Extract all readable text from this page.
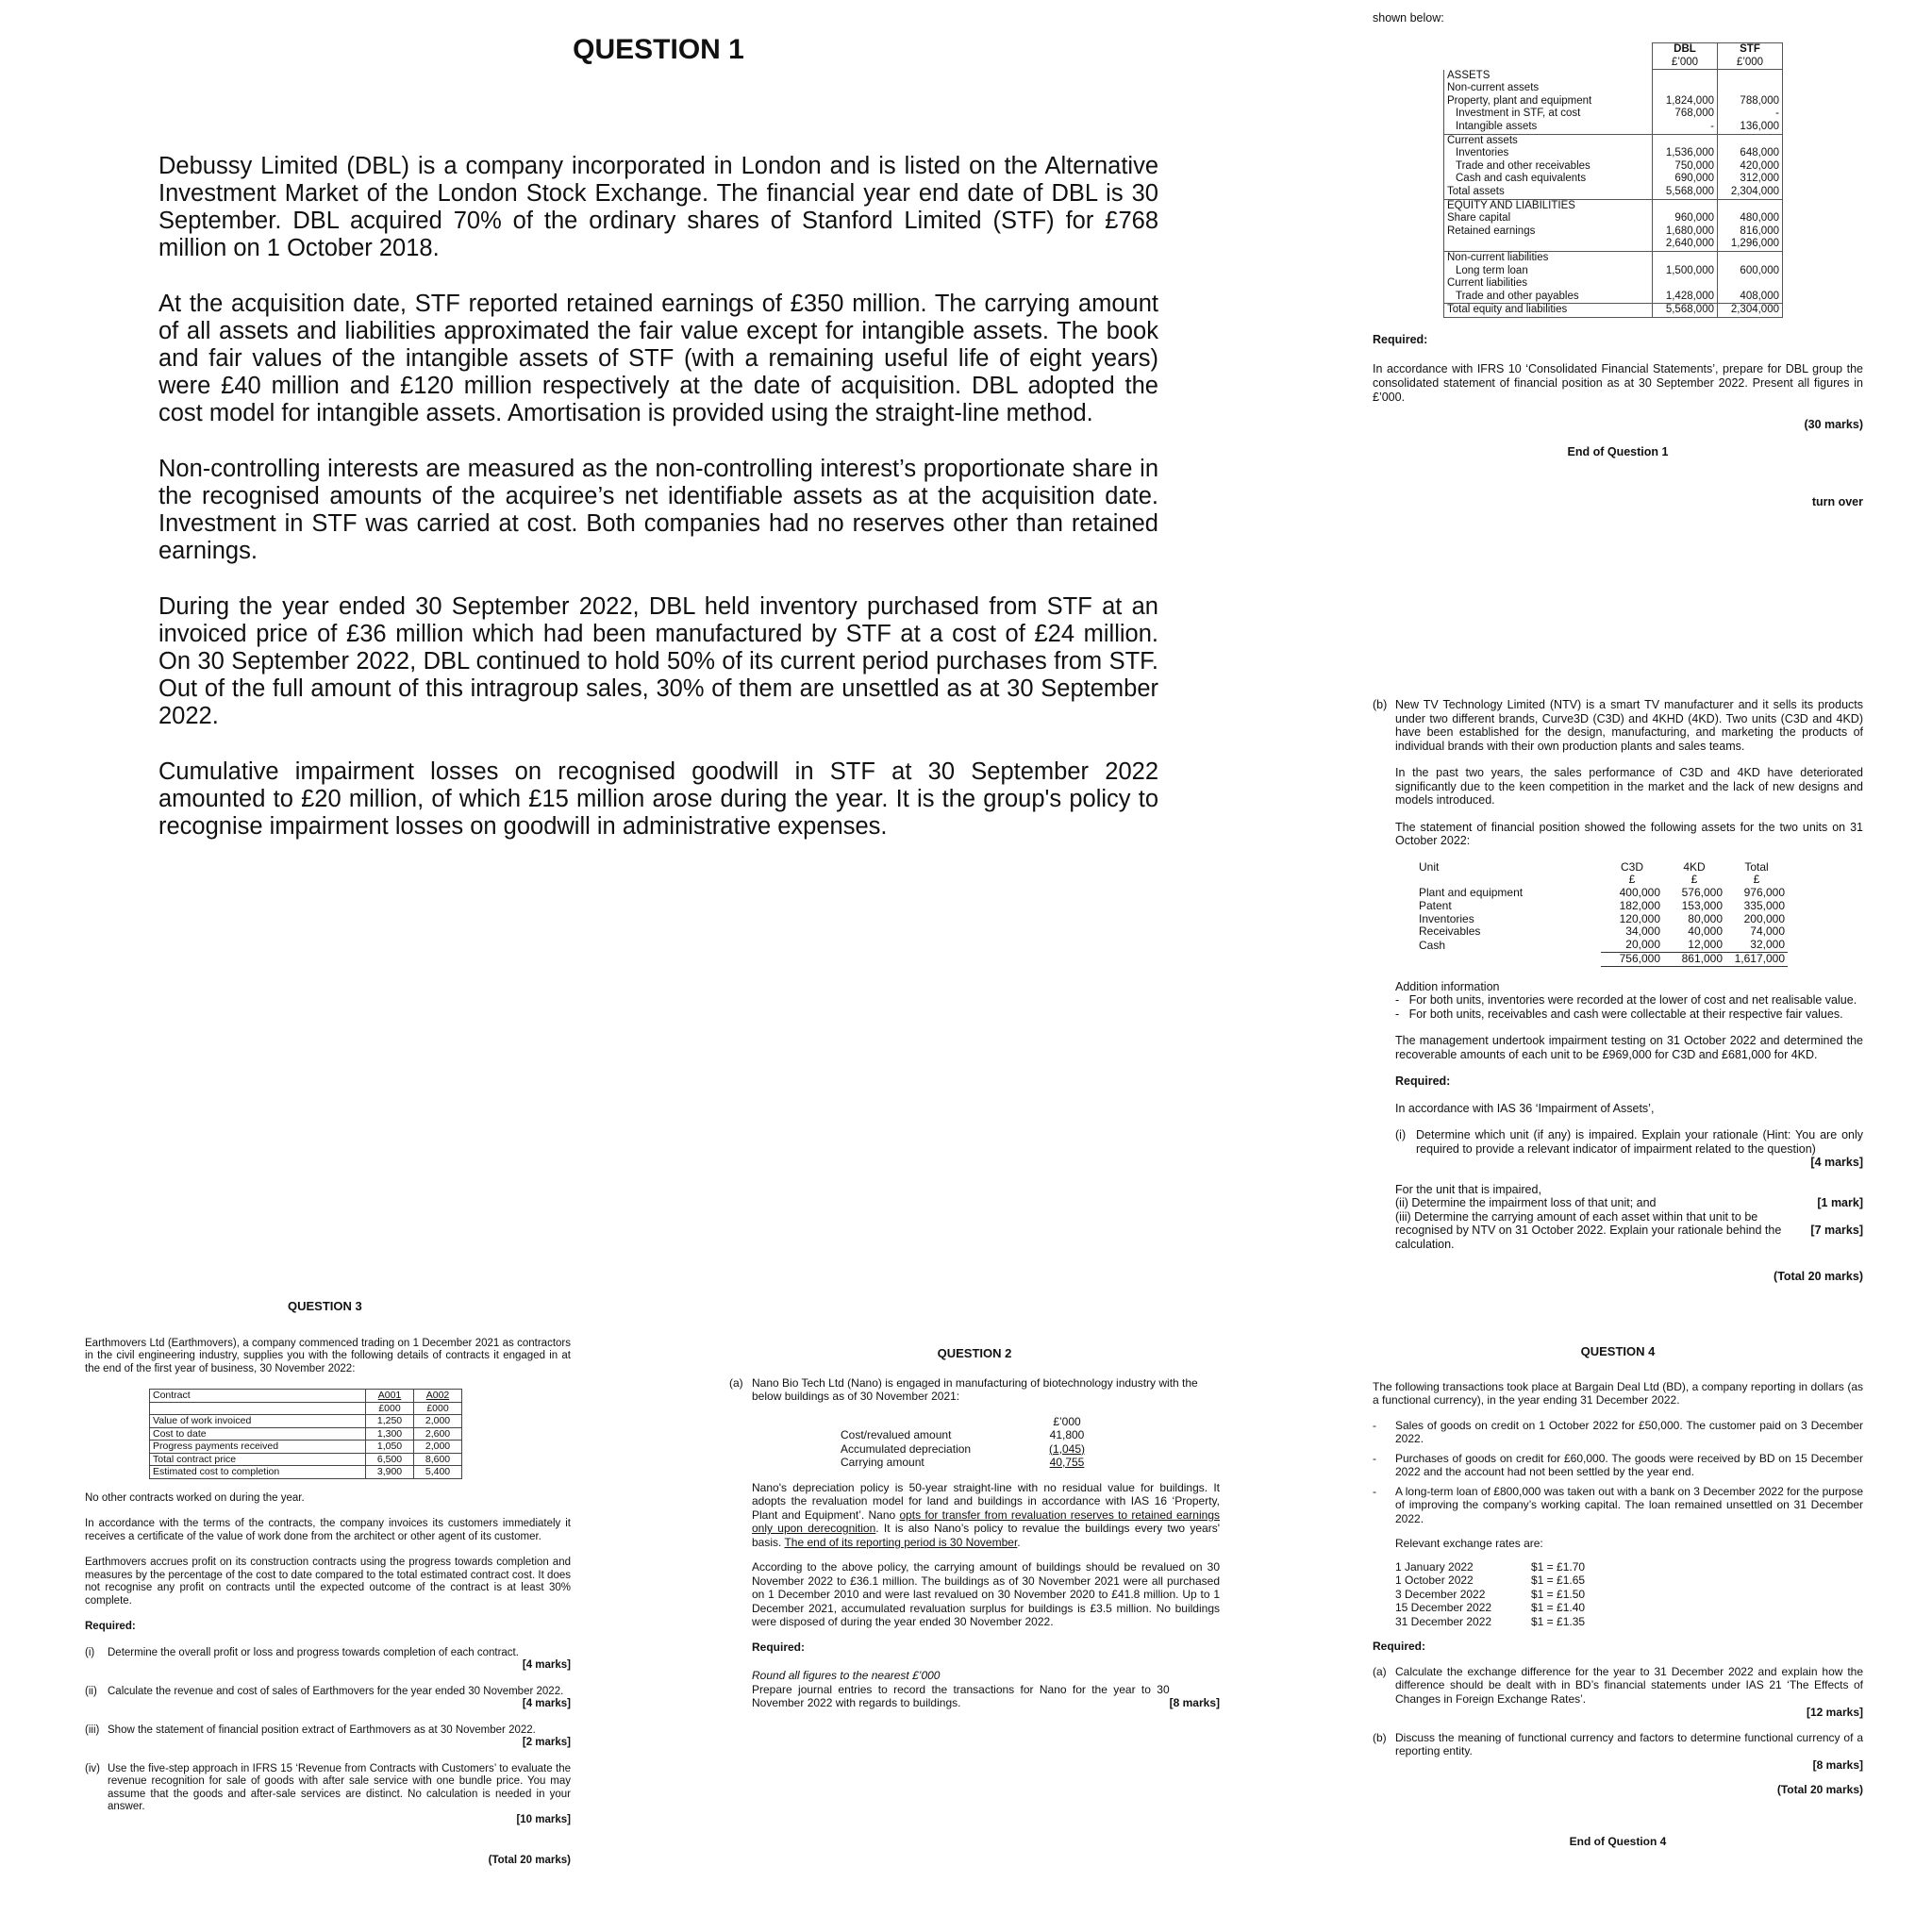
QUESTION 1

Debussy Limited (DBL) is a company incorporated in London and is listed on the Alternative Investment Market of the London Stock Exchange. The financial year end date of DBL is 30 September. DBL acquired 70% of the ordinary shares of Stanford Limited (STF) for £768 million on 1 October 2018.

At the acquisition date, STF reported retained earnings of £350 million. The carrying amount of all assets and liabilities approximated the fair value except for intangible assets. The book and fair values of the intangible assets of STF (with a remaining useful life of eight years) were £40 million and £120 million respectively at the date of acquisition. DBL adopted the cost model for intangible assets. Amortisation is provided using the straight-line method.

Non-controlling interests are measured as the non-controlling interest’s proportionate share in the recognised amounts of the acquiree’s net identifiable assets as at the acquisition date. Investment in STF was carried at cost. Both companies had no reserves other than retained earnings.

During the year ended 30 September 2022, DBL held inventory purchased from STF at an invoiced price of £36 million which had been manufactured by STF at a cost of £24 million. On 30 September 2022, DBL continued to hold 50% of its current period purchases from STF. Out of the full amount of this intragroup sales, 30% of them are unsettled as at 30 September 2022.

Cumulative impairment losses on recognised goodwill in STF at 30 September 2022 amounted to £20 million, of which £15 million arose during the year. It is the group's policy to recognise impairment losses on goodwill in administrative expenses.

shown below:

	DBL	STF
	£’000	£’000
ASSETS		
Non-current assets		
Property, plant and equipment	1,824,000	788,000
Investment in STF, at cost	768,000	-
Intangible assets	-	136,000
Current assets		
Inventories	1,536,000	648,000
Trade and other receivables	750,000	420,000
Cash and cash equivalents	690,000	312,000
Total assets	5,568,000	2,304,000

EQUITY AND LIABILITIES		
Share capital	960,000	480,000
Retained earnings	1,680,000	816,000
	2,640,000	1,296,000
Non-current liabilities		
Long term loan	1,500,000	600,000
Current liabilities		
Trade and other payables	1,428,000	408,000
Total equity and liabilities	5,568,000	2,304,000

Required:

In accordance with IFRS 10 ‘Consolidated Financial Statements’, prepare for DBL group the consolidated statement of financial position as at 30 September 2022. Present all figures in £’000.

(30 marks)

End of Question 1

turn over

(b) New TV Technology Limited (NTV) is a smart TV manufacturer and it sells its products under two different brands, Curve3D (C3D) and 4KHD (4KD). Two units (C3D and 4KD) have been established for the design, manufacturing, and marketing the products of individual brands with their own production plants and sales teams.

In the past two years, the sales performance of C3D and 4KD have deteriorated significantly due to the keen competition in the market and the lack of new designs and models introduced.

The statement of financial position showed the following assets for the two units on 31 October 2022:

Unit	C3D	4KD	Total
	£	£	£
Plant and equipment	400,000	576,000	976,000
Patent	182,000	153,000	335,000
Inventories	120,000	80,000	200,000
Receivables	34,000	40,000	74,000
Cash	20,000	12,000	32,000
	756,000	861,000	1,617,000

Addition information

-   For both units, inventories were recorded at the lower of cost and net realisable value.

-   For both units, receivables and cash were collectable at their respective fair values.

The management undertook impairment testing on 31 October 2022 and determined the recoverable amounts of each unit to be £969,000 for C3D and £681,000 for 4KD.

Required:

In accordance with IAS 36 ‘Impairment of Assets’,

(i) Determine which unit (if any) is impaired. Explain your rationale (Hint: You are only required to provide a relevant indicator of impairment related to the question)

[4 marks]

For the unit that is impaired,

[1 mark]
(ii) Determine the impairment loss of that unit; and

[7 marks]
(iii) Determine the carrying amount of each asset within that unit to be recognised by NTV on 31 October 2022. Explain your rationale behind the calculation.

(Total 20 marks)

QUESTION 3

Earthmovers Ltd (Earthmovers), a company commenced trading on 1 December 2021 as contractors in the civil engineering industry, supplies you with the following details of contracts it engaged in at the end of the first year of business, 30 November 2022:

Contract	A001	A002
	£000	£000
Value of work invoiced	1,250	2,000
Cost to date	1,300	2,600
Progress payments received	1,050	2,000
Total contract price	6,500	8,600
Estimated cost to completion	3,900	5,400

No other contracts worked on during the year.

In accordance with the terms of the contracts, the company invoices its customers immediately it receives a certificate of the value of work done from the architect or other agent of its customer.

Earthmovers accrues profit on its construction contracts using the progress towards completion and measures by the percentage of the cost to date compared to the total estimated contract cost. It does not recognise any profit on contracts until the expected outcome of the contract is at least 30% complete.

Required:

(i)	Determine the overall profit or loss and progress towards completion of each contract.

[4 marks]

(ii) Calculate the revenue and cost of sales of Earthmovers for the year ended 30 November 2022.

[4 marks]

(iii) Show the statement of financial position extract of Earthmovers as at 30 November 2022.

[2 marks]

(iv) Use the five-step approach in IFRS 15 ‘Revenue from Contracts with Customers’ to evaluate the revenue recognition for sale of goods with after sale service with one bundle price. You may assume that the goods and after-sale services are distinct. No calculation is needed in your answer.

[10 marks]

(Total 20 marks)

QUESTION 2
(a) Nano Bio Tech Ltd (Nano) is engaged in manufacturing of biotechnology industry with the below buildings as of 30 November 2021:

	£’000
Cost/revalued amount	41,800
Accumulated depreciation	(1,045)
Carrying amount	40,755

Nano's depreciation policy is 50-year straight-line with no residual value for buildings. It adopts the revaluation model for land and buildings in accordance with IAS 16 ‘Property, Plant and Equipment’. Nano opts for transfer from revaluation reserves to retained earnings only upon derecognition. It is also Nano’s policy to revalue the buildings every two years' basis. The end of its reporting period is 30 November.

According to the above policy, the carrying amount of buildings should be revalued on 30 November 2022 to £36.1 million. The buildings as of 30 November 2021 were all purchased on 1 December 2010 and were last revalued on 30 November 2020 to £41.8 million. Up to 1 December 2021, accumulated revaluation surplus for buildings is £3.5 million. No buildings were disposed of during the year ended 30 November 2022.

Required:

Round all figures to the nearest £’000

[8 marks]
Prepare journal entries to record the transactions for Nano for the year to 30 November 2022 with regards to buildings.

QUESTION 4

The following transactions took place at Bargain Deal Ltd (BD), a company reporting in dollars (as a functional currency), in the year ending 31 December 2022.

-	Sales of goods on credit on 1 October 2022 for £50,000. The customer paid on 3 December 2022.

-	Purchases of goods on credit for £60,000. The goods were received by BD on 15 December 2022 and the account had not been settled by the year end.

-	A long-term loan of £800,000 was taken out with a bank on 3 December 2022 for the purpose of improving the company’s working capital. The loan remained unsettled on 31 December 2022.

Relevant exchange rates are:

1 January 2022	$1 = £1.70
1 October 2022	$1 = £1.65
3 December 2022	$1 = £1.50
15 December 2022	$1 = £1.40
31 December 2022	$1 = £1.35

Required:

(a) Calculate the exchange difference for the year to 31 December 2022 and explain how the difference should be dealt with in BD’s financial statements under IAS 21 ‘The Effects of Changes in Foreign Exchange Rates’.

[12 marks]

(b) Discuss the meaning of functional currency and factors to determine functional currency of a reporting entity.

[8 marks]

(Total 20 marks)

End of Question 4
